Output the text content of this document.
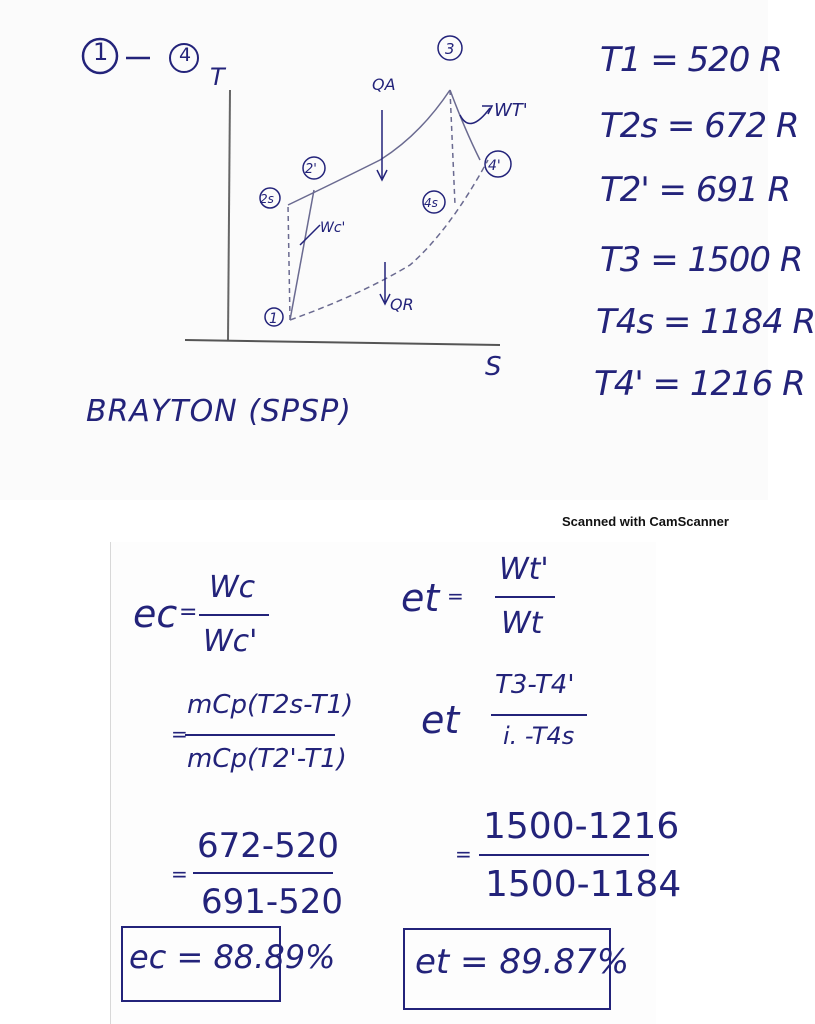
1	4
1
2s
2'
3
4s
4'
T
S
QA
QR
WT'
Wc'
BRAYTON (SPSP)
T1 = 520 R
T2s = 672 R
T2' = 691 R
T3 = 1500 R
T4s = 1184 R
T4' = 1216 R
Scanned with CamScanner
ec =
Wc
Wc'
=
mCp(T2s-T1)
mCp(T2'-T1)
=
672-520
691-520
ec = 88.89%
et =
Wt'
Wt
et
T3-T4'
i. -T4s
=
1500-1216
1500-1184
et = 89.87%
